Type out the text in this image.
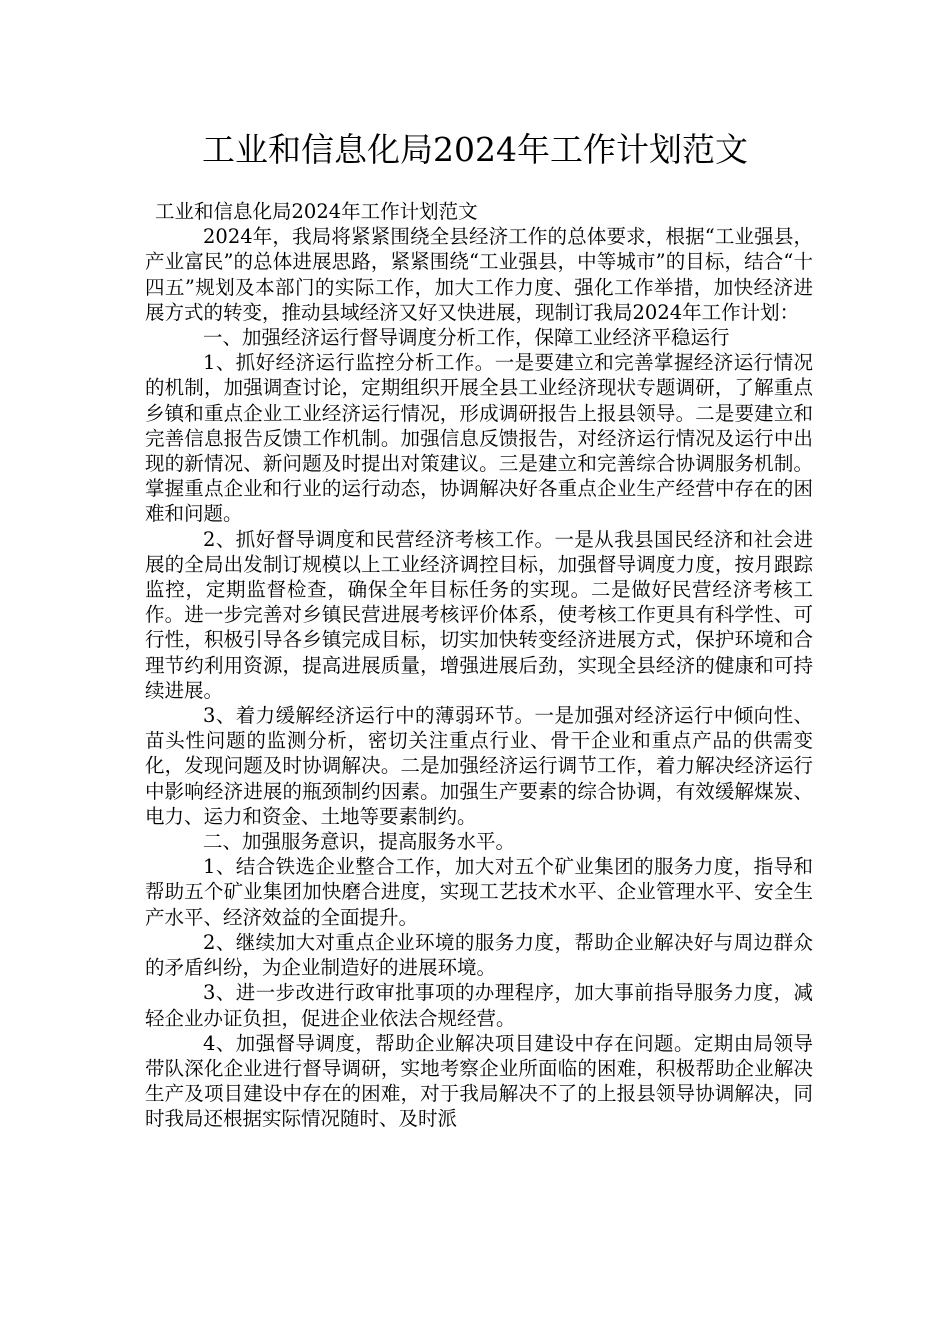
工业和信息化局2024年工作计划范文

工业和信息化局2024年工作计划范文

2024年，我局将紧紧围绕全县经济工作的总体要求，根据“工业强县，产业富民”的总体进展思路，紧紧围绕“工业强县，中等城市”的目标，结合“十四五”规划及本部门的实际工作，加大工作力度、强化工作举措，加快经济进展方式的转变，推动县域经济又好又快进展，现制订我局2024年工作计划：

一、加强经济运行督导调度分析工作，保障工业经济平稳运行

1、抓好经济运行监控分析工作。一是要建立和完善掌握经济运行情况的机制，加强调查讨论，定期组织开展全县工业经济现状专题调研，了解重点乡镇和重点企业工业经济运行情况，形成调研报告上报县领导。二是要建立和完善信息报告反馈工作机制。加强信息反馈报告，对经济运行情况及运行中出现的新情况、新问题及时提出对策建议。三是建立和完善综合协调服务机制。掌握重点企业和行业的运行动态，协调解决好各重点企业生产经营中存在的困难和问题。

2、抓好督导调度和民营经济考核工作。一是从我县国民经济和社会进展的全局出发制订规模以上工业经济调控目标，加强督导调度力度，按月跟踪监控，定期监督检查，确保全年目标任务的实现。二是做好民营经济考核工作。进一步完善对乡镇民营进展考核评价体系，使考核工作更具有科学性、可行性，积极引导各乡镇完成目标，切实加快转变经济进展方式，保护环境和合理节约利用资源，提高进展质量，增强进展后劲，实现全县经济的健康和可持续进展。

3、着力缓解经济运行中的薄弱环节。一是加强对经济运行中倾向性、苗头性问题的监测分析，密切关注重点行业、骨干企业和重点产品的供需变化，发现问题及时协调解决。二是加强经济运行调节工作，着力解决经济运行中影响经济进展的瓶颈制约因素。加强生产要素的综合协调，有效缓解煤炭、电力、运力和资金、土地等要素制约。

二、加强服务意识，提高服务水平。

1、结合铁选企业整合工作，加大对五个矿业集团的服务力度，指导和帮助五个矿业集团加快磨合进度，实现工艺技术水平、企业管理水平、安全生产水平、经济效益的全面提升。

2、继续加大对重点企业环境的服务力度，帮助企业解决好与周边群众的矛盾纠纷，为企业制造好的进展环境。

3、进一步改进行政审批事项的办理程序，加大事前指导服务力度，减轻企业办证负担，促进企业依法合规经营。

4、加强督导调度，帮助企业解决项目建设中存在问题。定期由局领导带队深化企业进行督导调研，实地考察企业所面临的困难，积极帮助企业解决生产及项目建设中存在的困难，对于我局解决不了的上报县领导协调解决，同时我局还根据实际情况随时、及时派
